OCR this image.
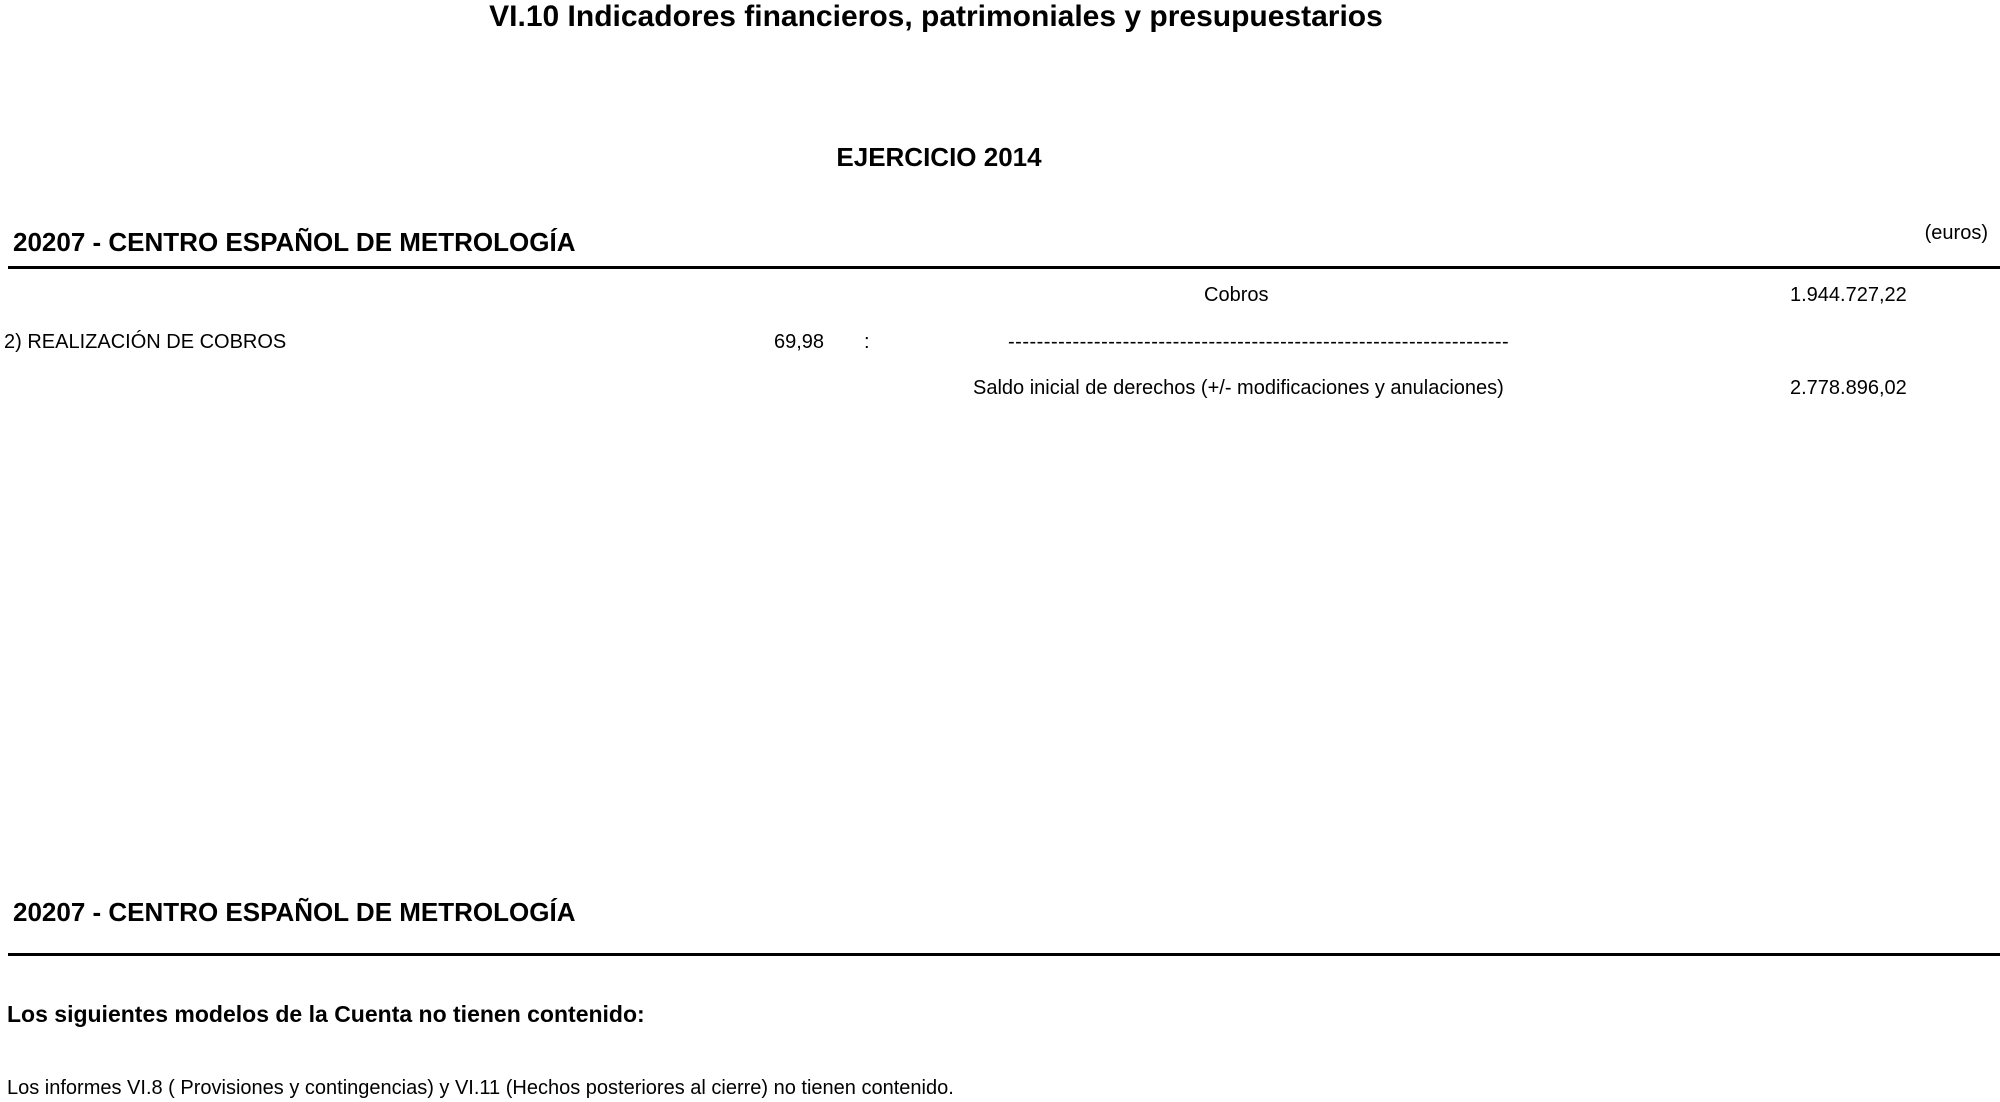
VI.10 Indicadores financieros, patrimoniales y presupuestarios
EJERCICIO 2014
20207 - CENTRO ESPAÑOL DE METROLOGÍA	(euros)
Cobros	1.944.727,22
2) REALIZACIÓN DE COBROS	69,98 :	----------------------------------------------------------------------
Saldo inicial de derechos (+/- modificaciones y anulaciones)	2.778.896,02
20207 - CENTRO ESPAÑOL DE METROLOGÍA
Los siguientes modelos de la Cuenta no tienen contenido:
Los informes VI.8 ( Provisiones y contingencias) y VI.11 (Hechos posteriores al cierre) no tienen contenido.
